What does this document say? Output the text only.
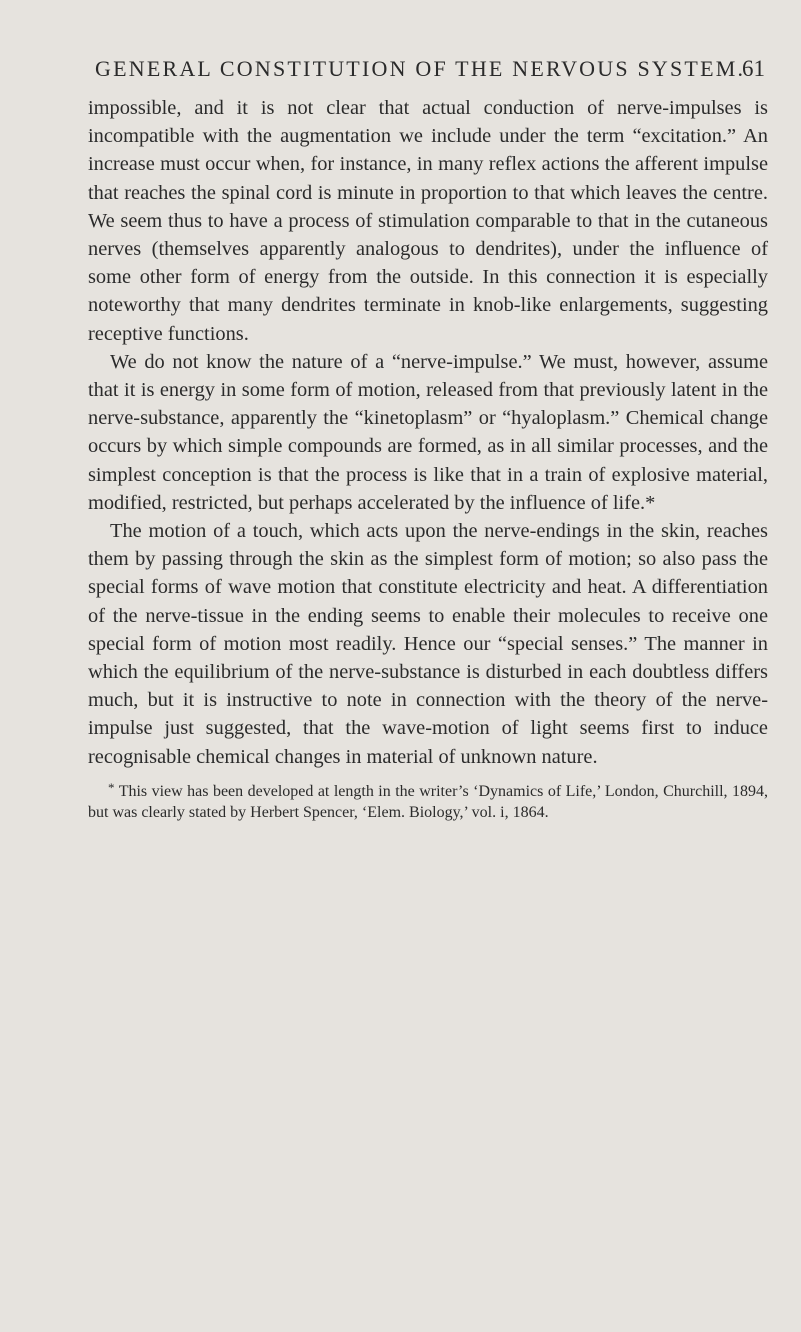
GENERAL CONSTITUTION OF THE NERVOUS SYSTEM.
61

impossible, and it is not clear that actual conduction of nerve-impulses is incompatible with the augmentation we include under the term “excitation.” An increase must occur when, for instance, in many reflex actions the afferent impulse that reaches the spinal cord is minute in proportion to that which leaves the centre. We seem thus to have a process of stimulation comparable to that in the cutaneous nerves (themselves apparently analogous to dendrites), under the influence of some other form of energy from the outside. In this connection it is especially noteworthy that many dendrites terminate in knob-like enlargements, suggesting receptive functions.

We do not know the nature of a “nerve-impulse.” We must, however, assume that it is energy in some form of motion, released from that previously latent in the nerve-substance, apparently the “kinetoplasm” or “hyaloplasm.” Chemical change occurs by which simple compounds are formed, as in all similar processes, and the simplest conception is that the process is like that in a train of explosive material, modified, restricted, but perhaps accelerated by the influence of life.*

The motion of a touch, which acts upon the nerve-endings in the skin, reaches them by passing through the skin as the simplest form of motion; so also pass the special forms of wave motion that constitute electricity and heat. A differentiation of the nerve-tissue in the ending seems to enable their molecules to receive one special form of motion most readily. Hence our “special senses.” The manner in which the equilibrium of the nerve-substance is disturbed in each doubtless differs much, but it is instructive to note in connection with the theory of the nerve-impulse just suggested, that the wave-motion of light seems first to induce recognisable chemical changes in material of unknown nature.

* This view has been developed at length in the writer’s ‘Dynamics of Life,’ London, Churchill, 1894, but was clearly stated by Herbert Spencer, ‘Elem. Biology,’ vol. i, 1864.
